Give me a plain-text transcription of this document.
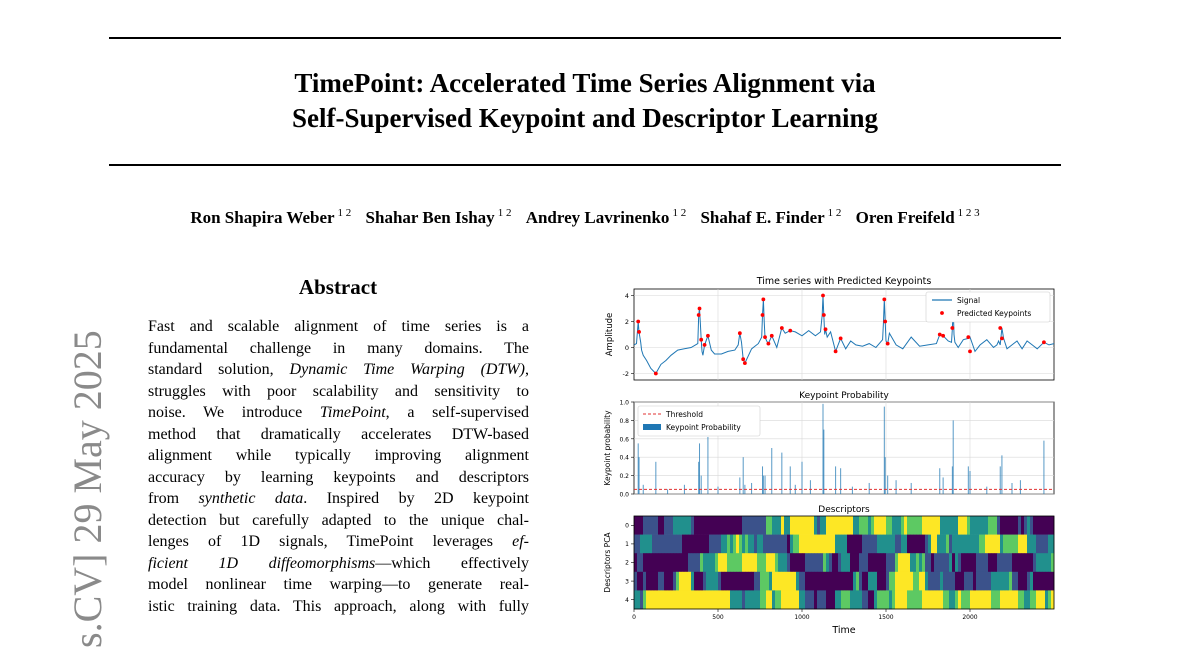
TimePoint: Accelerated Time Series Alignment via
Self-Supervised Keypoint and Descriptor Learning
Ron Shapira Weber $^{1 2}$ Shahar Ben Ishay $^{1 2}$ Andrey Lavrinenko $^{1 2}$ Shahaf E. Finder $^{1 2}$ Oren Freifeld $^{1 2 3}$
s.CV] 29 May 2025
Abstract
Fast and scalable alignment of time series is a
fundamental challenge in many domains. The
standard solution, Dynamic Time Warping (DTW),
struggles with poor scalability and sensitivity to
noise. We introduce TimePoint, a self-supervised
method that dramatically accelerates DTW-based
alignment while typically improving alignment
accuracy by learning keypoints and descriptors
from synthetic data. Inspired by 2D keypoint
detection but carefully adapted to the unique chal-
lenges of 1D signals, TimePoint leverages ef-
ficient 1D diffeomorphisms—which effectively
model nonlinear time warping—to generate real-
istic training data. This approach, along with fully
Time series with Predicted Keypoints
-2
0
2
4
Amplitude
Signal
Predicted Keypoints
Keypoint Probability
0.0
0.2
0.4
0.6
0.8
1.0
Keypoint probability	Threshold
Keypoint Probability
Descriptors
Descriptors PCA
0
1
2
3
4
0	500	1000	1500	2000
Time
